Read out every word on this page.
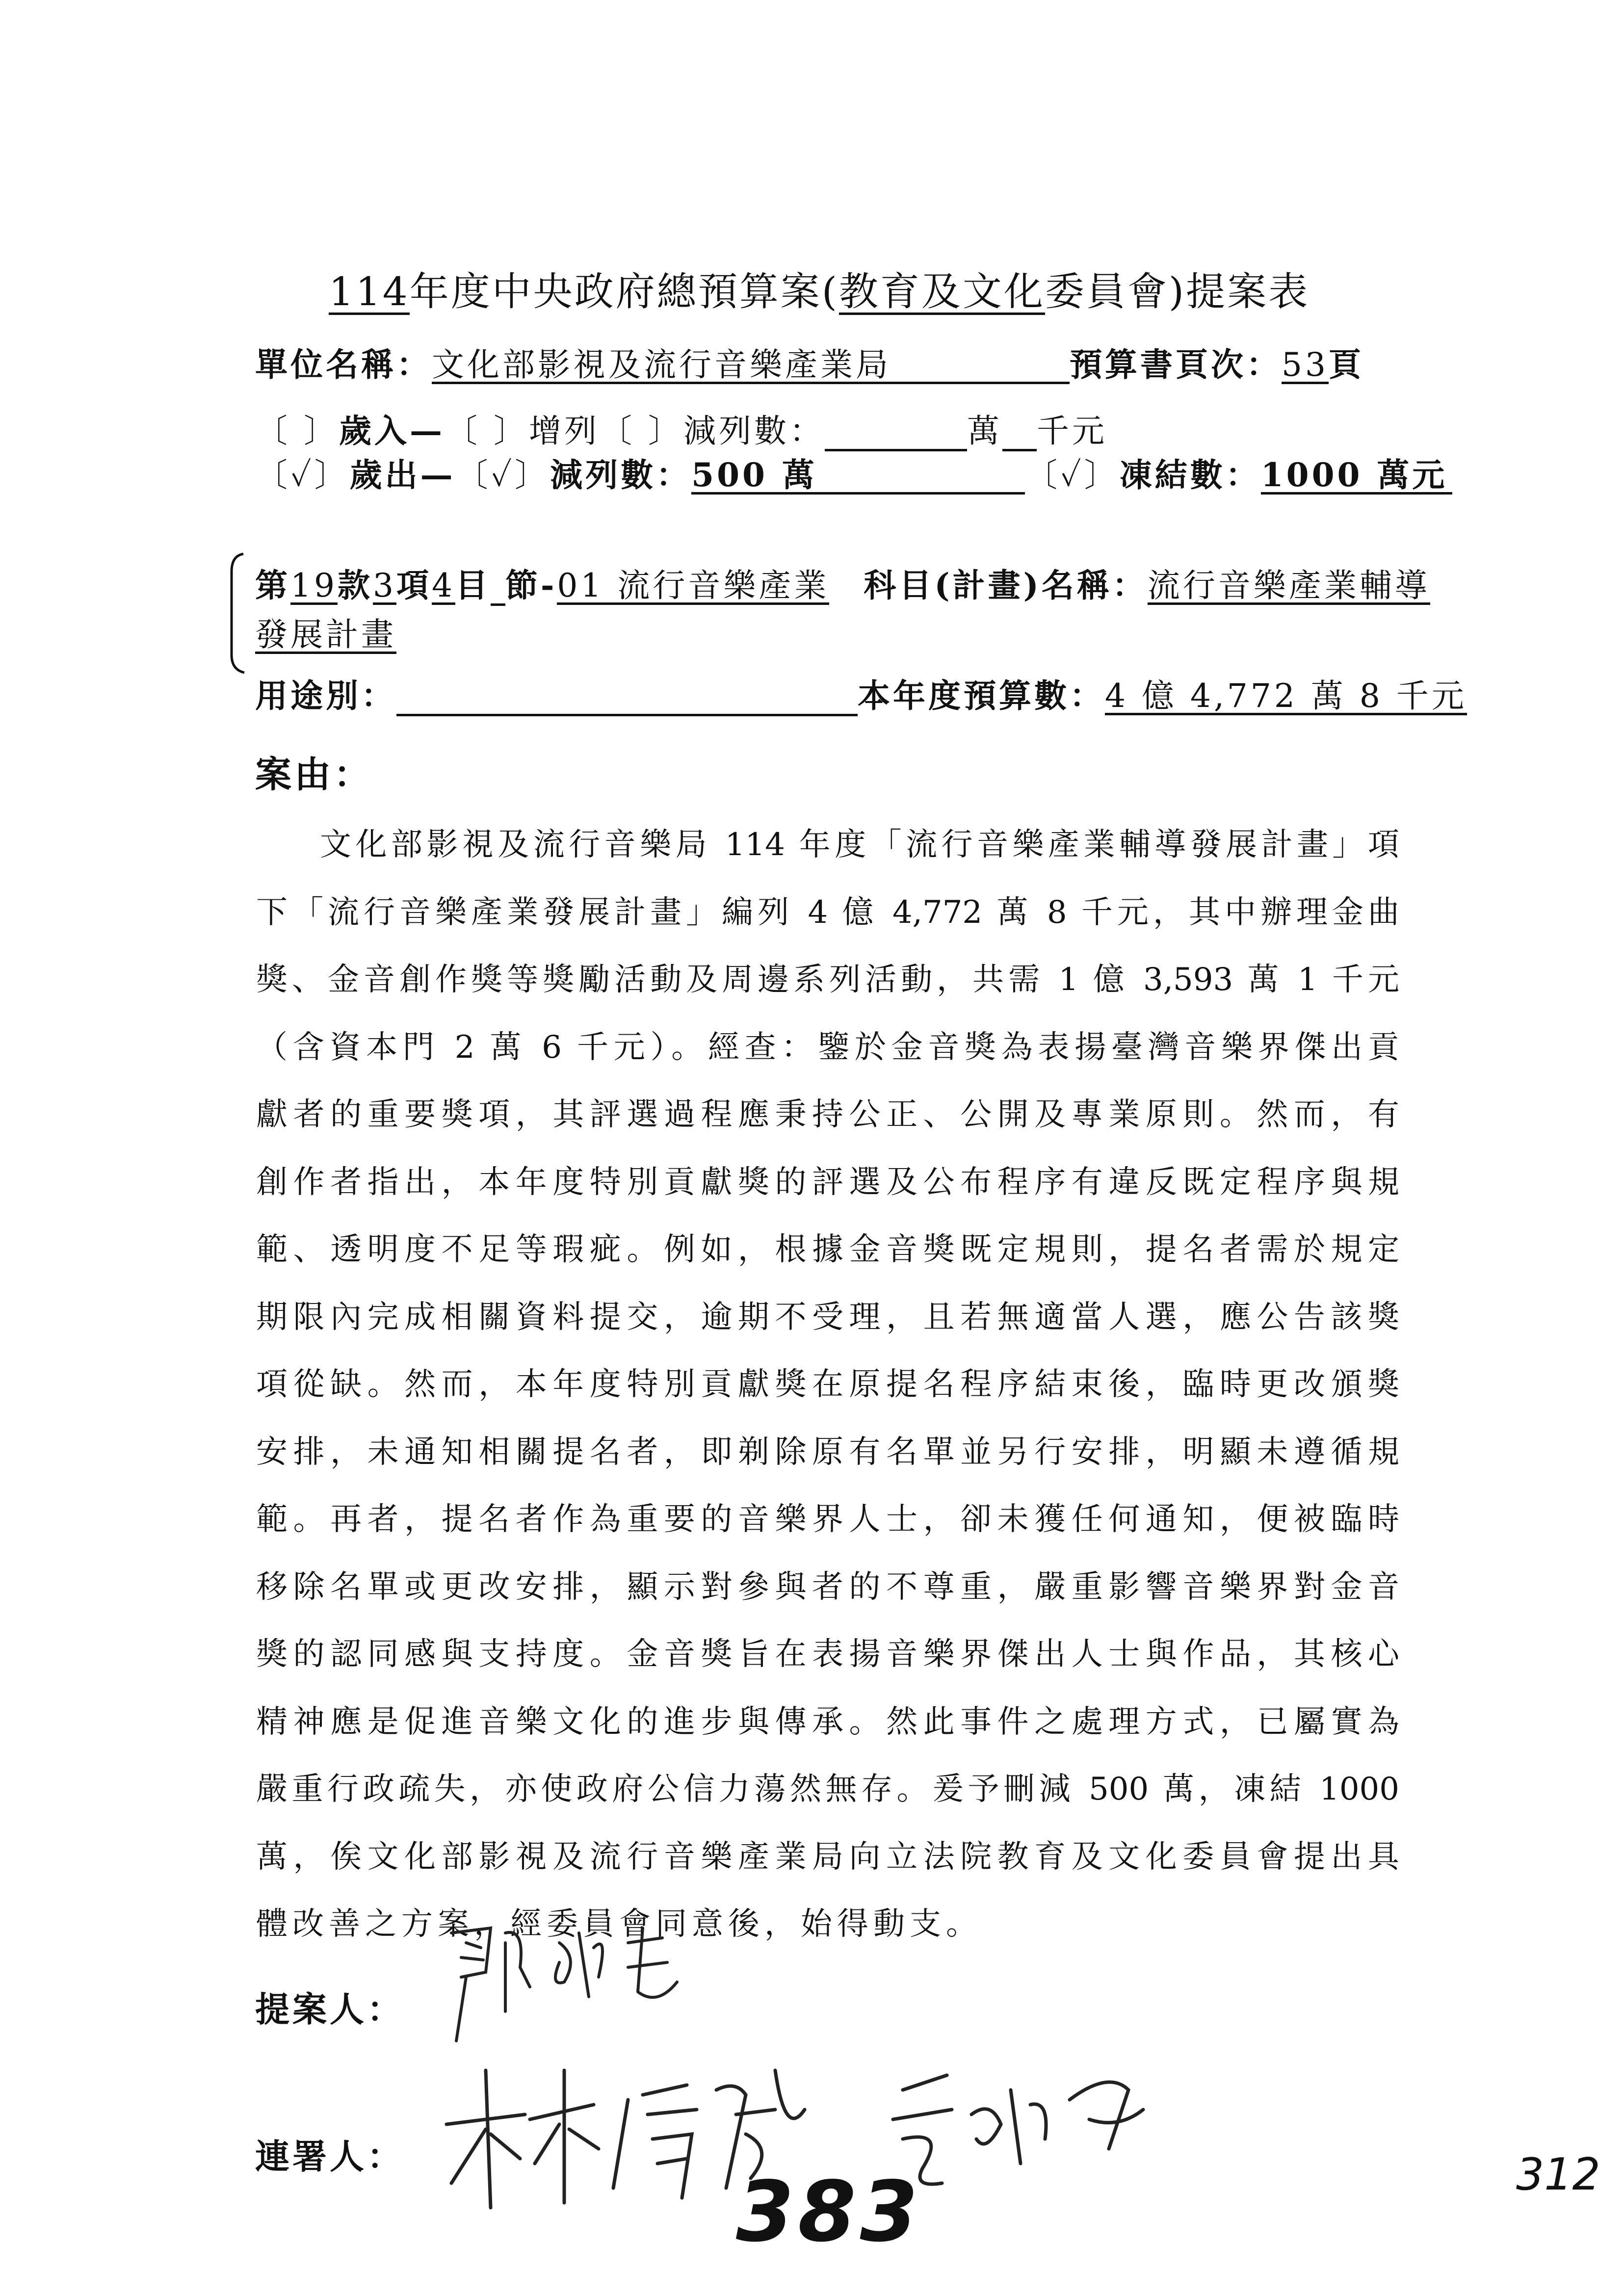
114年度中央政府總預算案(教育及文化委員會)提案表
單位名稱：文化部影視及流行音樂產業局	預算書頁次：53頁
〔 〕歲入—〔 〕增列〔 〕減列數：	萬 千元
〔✓〕歲出—〔✓〕減列數：500 萬	〔✓〕凍結數：1000 萬元
第19款3項4目 節-01 流行音樂產業 科目(計畫)名稱：流行音樂產業輔導
發展計畫
用途別：	本年度預算數：4 億 4,772 萬 8 千元
案由：
文化部影視及流行音樂局 114 年度「流行音樂產業輔導發展計畫」項
下「流行音樂產業發展計畫」編列 4 億 4,772 萬 8 千元，其中辦理金曲
獎、金音創作獎等獎勵活動及周邊系列活動，共需 1 億 3,593 萬 1 千元
（含資本門 2 萬 6 千元）。經查：鑒於金音獎為表揚臺灣音樂界傑出貢
獻者的重要獎項，其評選過程應秉持公正、公開及專業原則。然而，有
創作者指出，本年度特別貢獻獎的評選及公布程序有違反既定程序與規
範、透明度不足等瑕疵。例如，根據金音獎既定規則，提名者需於規定
期限內完成相關資料提交，逾期不受理，且若無適當人選，應公告該獎
項從缺。然而，本年度特別貢獻獎在原提名程序結束後，臨時更改頒獎
安排，未通知相關提名者，即剃除原有名單並另行安排，明顯未遵循規
範。再者，提名者作為重要的音樂界人士，卻未獲任何通知，便被臨時
移除名單或更改安排，顯示對參與者的不尊重，嚴重影響音樂界對金音
獎的認同感與支持度。金音獎旨在表揚音樂界傑出人士與作品，其核心
精神應是促進音樂文化的進步與傳承。然此事件之處理方式，已屬實為
嚴重行政疏失，亦使政府公信力蕩然無存。爰予刪減 500 萬，凍結 1000
萬，俟文化部影視及流行音樂產業局向立法院教育及文化委員會提出具
體改善之方案，經委員會同意後，始得動支。
提案人：
連署人：
383	312
